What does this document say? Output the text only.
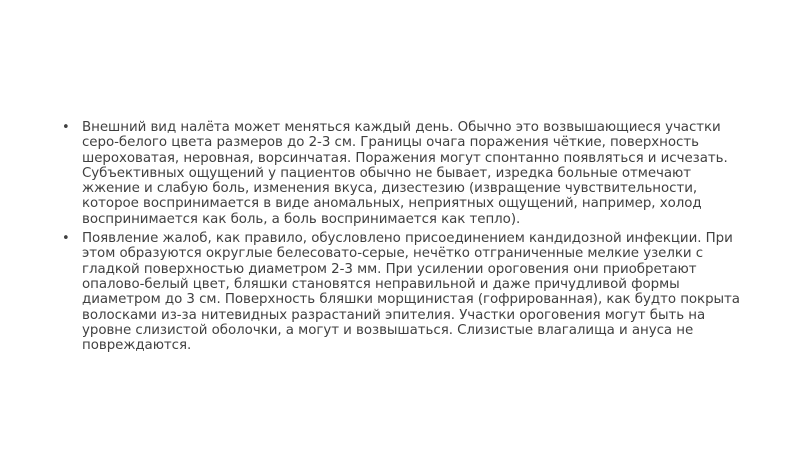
• Внешний вид налёта может меняться каждый день. Обычно это возвышающиеся участки серо-белого цвета размеров до 2-3 см. Границы очага поражения чёткие, поверхность шероховатая, неровная, ворсинчатая. Поражения могут спонтанно появляться и исчезать. Субъективных ощущений у пациентов обычно не бывает, изредка больные отмечают жжение и слабую боль, изменения вкуса, дизестезию (извращение чувствительности, которое воспринимается в виде аномальных, неприятных ощущений, например, холод воспринимается как боль, а боль воспринимается как тепло).
• Появление жалоб, как правило, обусловлено присоединением кандидозной инфекции. При этом образуются округлые белесовато-серые, нечётко отграниченные мелкие узелки с гладкой поверхностью диаметром 2-3 мм. При усилении ороговения они приобретают опалово-белый цвет, бляшки становятся неправильной и даже причудливой формы диаметром до 3 см. Поверхность бляшки морщинистая (гофрированная), как будто покрыта волосками из-за нитевидных разрастаний эпителия. Участки ороговения могут быть на уровне слизистой оболочки, а могут и возвышаться. Слизистые влагалища и ануса не повреждаются.
